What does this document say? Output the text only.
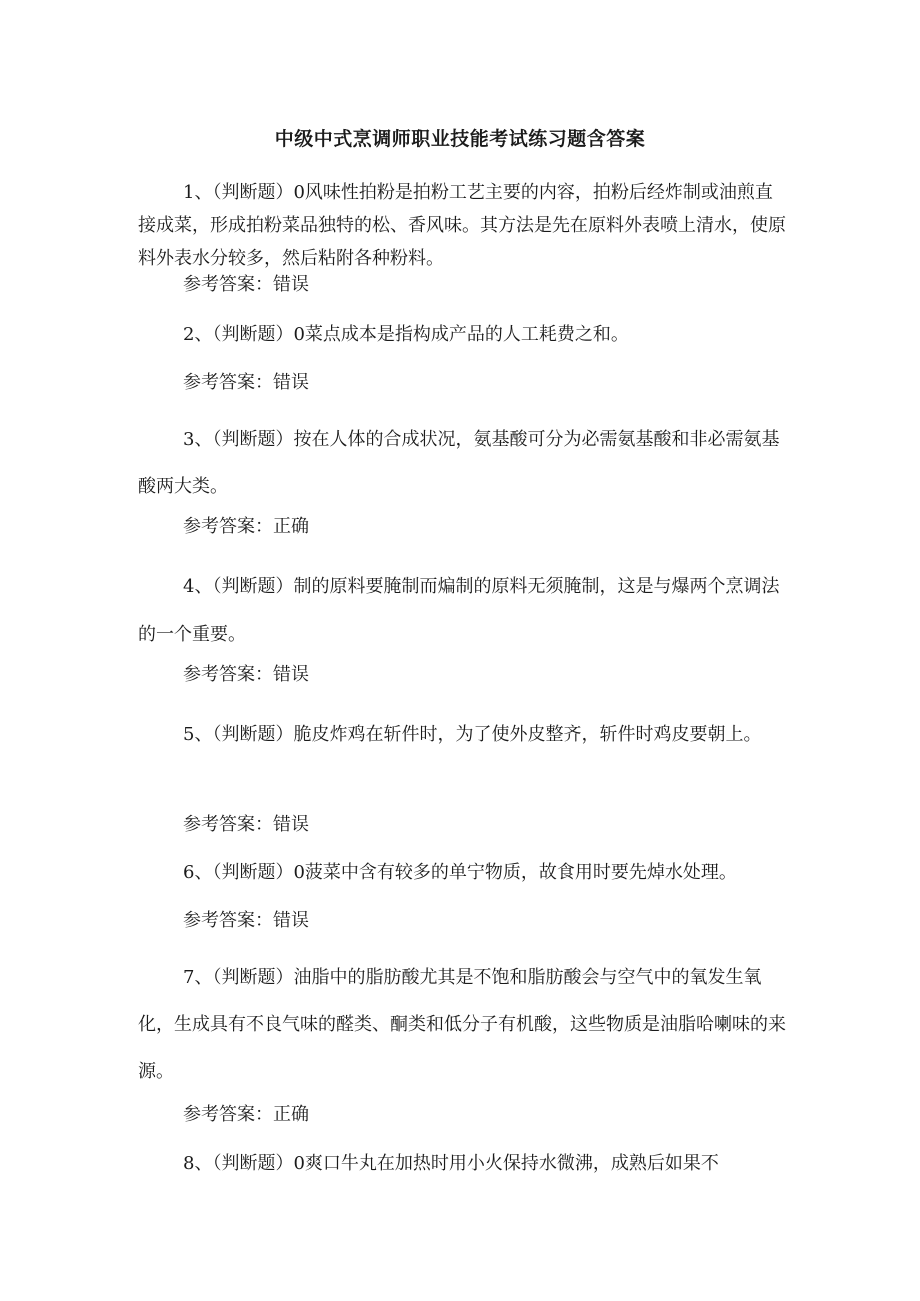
中级中式烹调师职业技能考试练习题含答案
1、（判断题）0风味性拍粉是拍粉工艺主要的内容，拍粉后经炸制或油煎直接成菜，形成拍粉菜品独特的松、香风味。其方法是先在原料外表喷上清水，使原料外表水分较多，然后粘附各种粉料。
参考答案：错误
2、（判断题）0菜点成本是指构成产品的人工耗费之和。
参考答案：错误
3、（判断题）按在人体的合成状况，氨基酸可分为必需氨基酸和非必需氨基酸两大类。
参考答案：正确
4、（判断题）制的原料要腌制而煸制的原料无须腌制，这是与爆两个烹调法的一个重要。
参考答案：错误
5、（判断题）脆皮炸鸡在斩件时，为了使外皮整齐，斩件时鸡皮要朝上。
参考答案：错误
6、（判断题）0菠菜中含有较多的单宁物质，故食用时要先焯水处理。
参考答案：错误
7、（判断题）油脂中的脂肪酸尤其是不饱和脂肪酸会与空气中的氧发生氧化，生成具有不良气味的醛类、酮类和低分子有机酸，这些物质是油脂哈喇味的来源。
参考答案：正确
8、（判断题）0爽口牛丸在加热时用小火保持水微沸，成熟后如果不
